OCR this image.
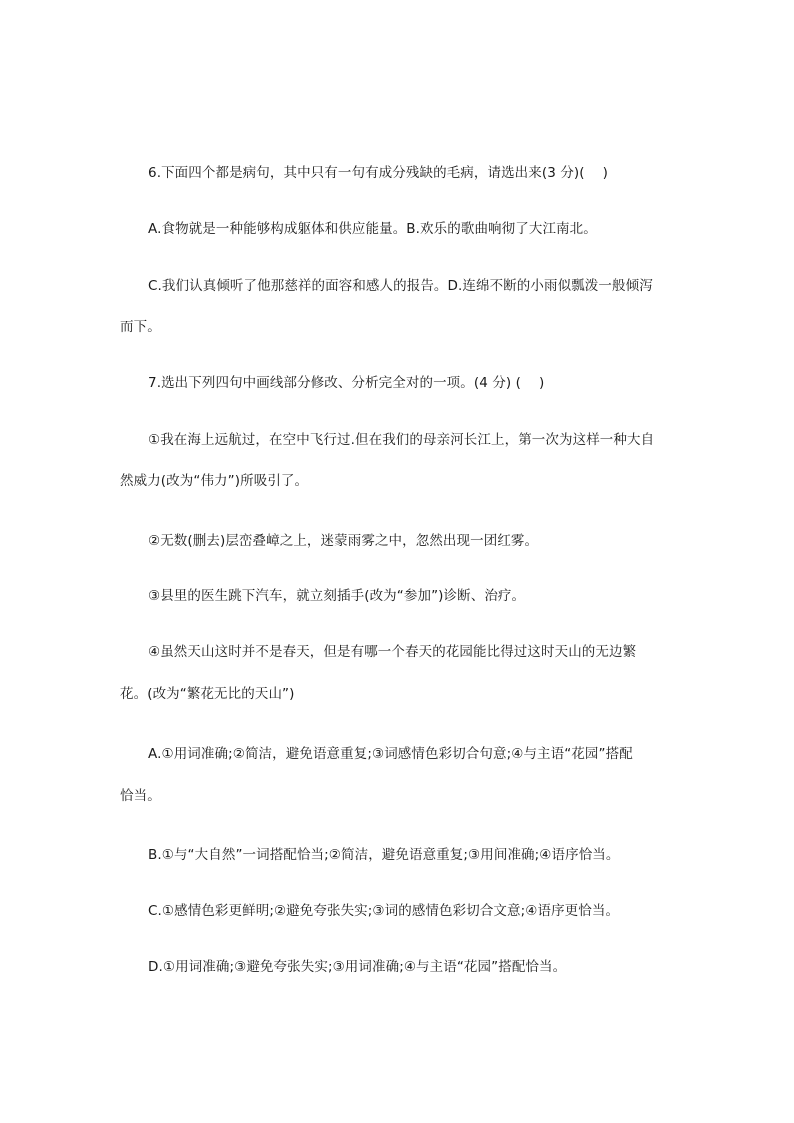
6.下面四个都是病句，其中只有一句有成分残缺的毛病，请选出来(3 分)(　 )
A.食物就是一种能够构成躯体和供应能量。B.欢乐的歌曲响彻了大江南北。
C.我们认真倾听了他那慈祥的面容和感人的报告。D.连绵不断的小雨似瓢泼一般倾泻
而下。
7.选出下列四句中画线部分修改、分析完全对的一项。(4 分) (　 )
①我在海上远航过，在空中飞行过.但在我们的母亲河长江上，第一次为这样一种大自
然威力(改为“伟力”)所吸引了。
②无数(删去)层峦叠嶂之上，迷蒙雨雾之中，忽然出现一团红雾。
③县里的医生跳下汽车，就立刻插手(改为“参加”)诊断、治疗。
④虽然天山这时并不是春天，但是有哪一个春天的花园能比得过这时天山的无边繁
花。(改为“繁花无比的天山”)
A.①用词准确;②简洁，避免语意重复;③词感情色彩切合句意;④与主语“花园”搭配
恰当。
B.①与“大自然”一词搭配恰当;②简洁，避免语意重复;③用间准确;④语序恰当。
C.①感情色彩更鲜明;②避免夸张失实;③词的感情色彩切合文意;④语序更恰当。
D.①用词准确;③避免夸张失实;③用词准确;④与主语“花园”搭配恰当。
